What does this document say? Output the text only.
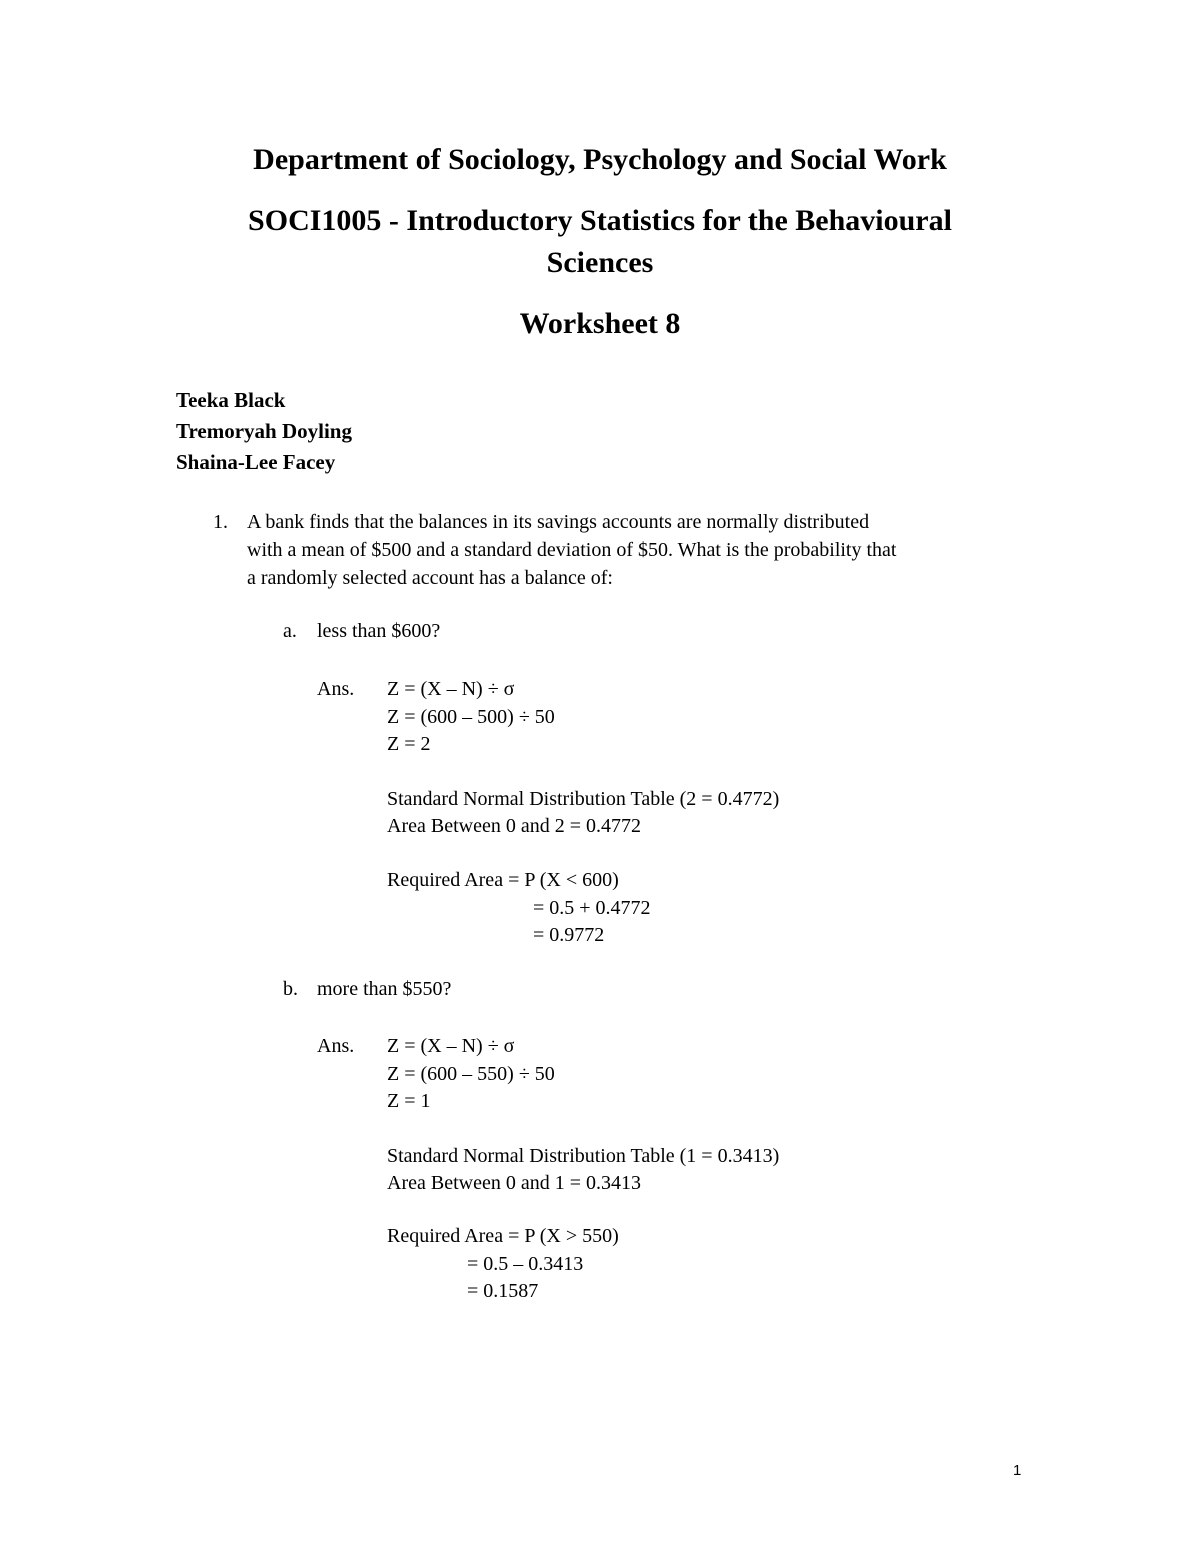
Department of Sociology, Psychology and Social Work
SOCI1005 - Introductory Statistics for the Behavioural
Sciences
Worksheet 8
Teeka Black
Tremoryah Doyling
Shaina-Lee Facey
1. A bank finds that the balances in its savings accounts are normally distributed
with a mean of $500 and a standard deviation of $50. What is the probability that
a randomly selected account has a balance of:
a. less than $600?
Ans. Z = (X – N) ÷ σ
Z = (600 – 500) ÷ 50
Z = 2
Standard Normal Distribution Table (2 = 0.4772)
Area Between 0 and 2 = 0.4772
Required Area = P (X < 600)
= 0.5 + 0.4772
= 0.9772
b. more than $550?
Ans. Z = (X – N) ÷ σ
Z = (600 – 550) ÷ 50
Z = 1
Standard Normal Distribution Table (1 = 0.3413)
Area Between 0 and 1 = 0.3413
Required Area = P (X > 550)
= 0.5 – 0.3413
= 0.1587
1
